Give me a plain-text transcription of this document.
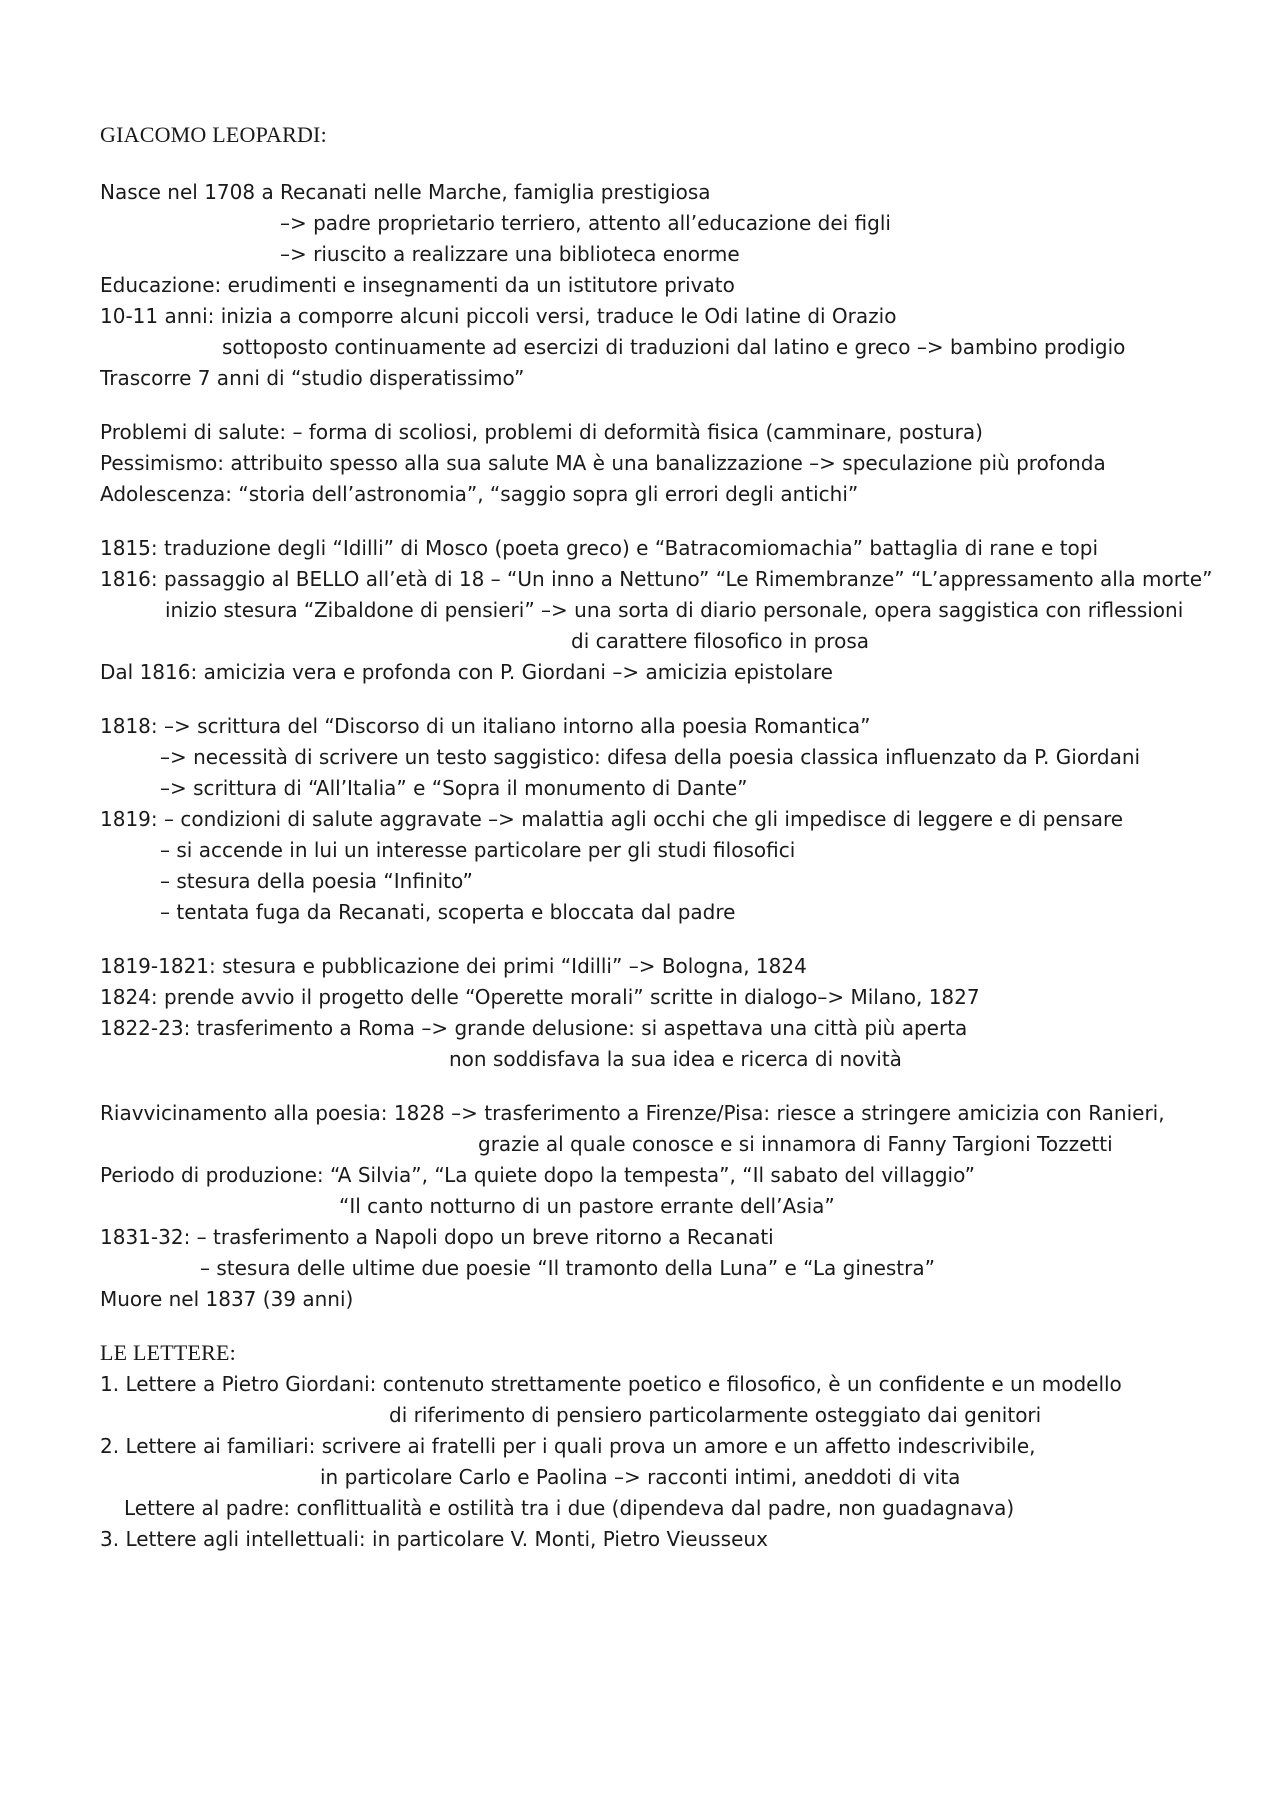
GIACOMO LEOPARDI:
Nasce nel 1708 a Recanati nelle Marche, famiglia prestigiosa
–> padre proprietario terriero, attento all’educazione dei figli
–> riuscito a realizzare una biblioteca enorme
Educazione: erudimenti e insegnamenti da un istitutore privato
10-11 anni: inizia a comporre alcuni piccoli versi, traduce le Odi latine di Orazio
sottoposto continuamente ad esercizi di traduzioni dal latino e greco –> bambino prodigio
Trascorre 7 anni di “studio disperatissimo”
Problemi di salute: – forma di scoliosi, problemi di deformità fisica (camminare, postura)
Pessimismo: attribuito spesso alla sua salute MA è una banalizzazione –> speculazione più profonda
Adolescenza: “storia dell’astronomia”, “saggio sopra gli errori degli antichi”
1815: traduzione degli “Idilli” di Mosco (poeta greco) e “Batracomiomachia” battaglia di rane e topi
1816: passaggio al BELLO all’età di 18 – “Un inno a Nettuno” “Le Rimembranze” “L’appressamento alla morte”
inizio stesura “Zibaldone di pensieri” –> una sorta di diario personale, opera saggistica con riflessioni
di carattere filosofico in prosa
Dal 1816: amicizia vera e profonda con P. Giordani –> amicizia epistolare
1818: –> scrittura del “Discorso di un italiano intorno alla poesia Romantica”
–> necessità di scrivere un testo saggistico: difesa della poesia classica influenzato da P. Giordani
–> scrittura di “All’Italia” e “Sopra il monumento di Dante”
1819: – condizioni di salute aggravate –> malattia agli occhi che gli impedisce di leggere e di pensare
– si accende in lui un interesse particolare per gli studi filosofici
– stesura della poesia “Infinito”
– tentata fuga da Recanati, scoperta e bloccata dal padre
1819-1821: stesura e pubblicazione dei primi “Idilli” –> Bologna, 1824
1824: prende avvio il progetto delle “Operette morali” scritte in dialogo–> Milano, 1827
1822-23: trasferimento a Roma –> grande delusione: si aspettava una città più aperta
non soddisfava la sua idea e ricerca di novità
Riavvicinamento alla poesia: 1828 –> trasferimento a Firenze/Pisa: riesce a stringere amicizia con Ranieri,
grazie al quale conosce e si innamora di Fanny Targioni Tozzetti
Periodo di produzione: “A Silvia”, “La quiete dopo la tempesta”, “Il sabato del villaggio”
“Il canto notturno di un pastore errante dell’Asia”
1831-32: – trasferimento a Napoli dopo un breve ritorno a Recanati
– stesura delle ultime due poesie “Il tramonto della Luna” e “La ginestra”
Muore nel 1837 (39 anni)
LE LETTERE:
1. Lettere a Pietro Giordani: contenuto strettamente poetico e filosofico, è un confidente e un modello
di riferimento di pensiero particolarmente osteggiato dai genitori
2. Lettere ai familiari: scrivere ai fratelli per i quali prova un amore e un affetto indescrivibile,
in particolare Carlo e Paolina –> racconti intimi, aneddoti di vita
Lettere al padre: conflittualità e ostilità tra i due (dipendeva dal padre, non guadagnava)
3. Lettere agli intellettuali: in particolare V. Monti, Pietro Vieusseux
